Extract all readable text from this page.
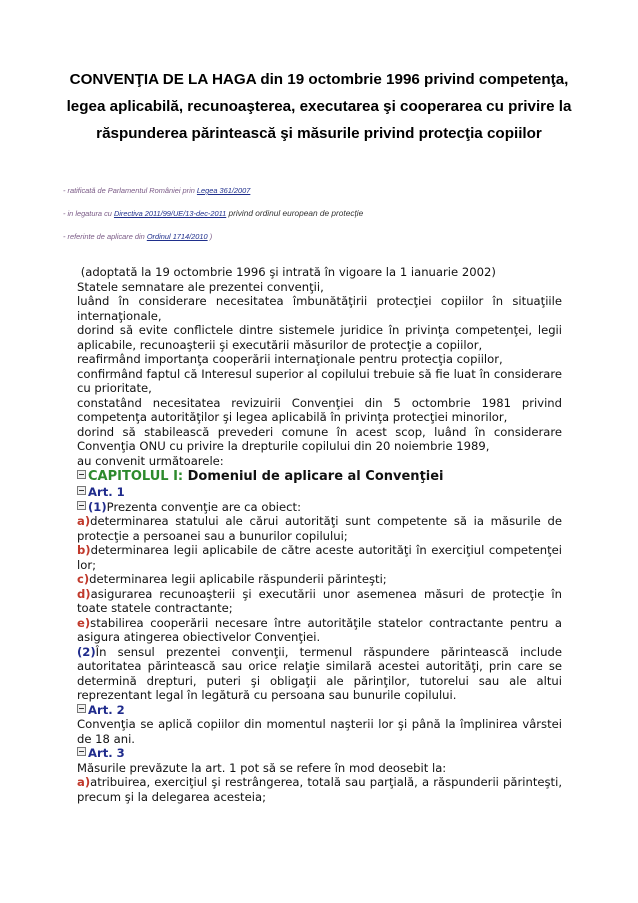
CONVENŢIA DE LA HAGA din 19 octombrie 1996 privind competenţa, legea aplicabilă, recunoaşterea, executarea şi cooperarea cu privire la răspunderea părintească şi măsurile privind protecţia copiilor
- ratificată de Parlamentul României prin Legea 361/2007
- in legatura cu Directiva 2011/99/UE/13-dec-2011 privind ordinul european de protecţie
- referinte de aplicare din Ordinul 1714/2010 )

(adoptată la 19 octombrie 1996 şi intrată în vigoare la 1 ianuarie 2002)

Statele semnatare ale prezentei convenţii,

luând în considerare necesitatea îmbunătăţirii protecţiei copiilor în situaţiile internaţionale,

dorind să evite conflictele dintre sistemele juridice în privinţa competenţei, legii aplicabile, recunoaşterii şi executării măsurilor de protecţie a copiilor,

reafirmând importanţa cooperării internaţionale pentru protecţia copiilor,

confirmând faptul că Interesul superior al copilului trebuie să fie luat în considerare cu prioritate,

constatând necesitatea revizuirii Convenţiei din 5 octombrie 1981 privind competenţa autorităţilor şi legea aplicabilă în privinţa protecţiei minorilor,

dorind să stabilească prevederi comune în acest scop, luând în considerare Convenţia ONU cu privire la drepturile copilului din 20 noiembrie 1989,

au convenit următoarele:

CAPITOLUL I: Domeniul de aplicare al Convenţiei

Art. 1

(1)Prezenta convenţie are ca obiect:

a)determinarea statului ale cărui autorităţi sunt competente să ia măsurile de protecţie a persoanei sau a bunurilor copilului;

b)determinarea legii aplicabile de către aceste autorităţi în exerciţiul competenţei lor;

c)determinarea legii aplicabile răspunderii părinteşti;

d)asigurarea recunoaşterii şi executării unor asemenea măsuri de protecţie în toate statele contractante;

e)stabilirea cooperării necesare între autorităţile statelor contractante pentru a asigura atingerea obiectivelor Convenţiei.

(2)În sensul prezentei convenţii, termenul răspundere părintească include autoritatea părintească sau orice relaţie similară acestei autorităţi, prin care se determină drepturi, puteri şi obligaţii ale părinţilor, tutorelui sau ale altui reprezentant legal în legătură cu persoana sau bunurile copilului.

Art. 2

Convenţia se aplică copiilor din momentul naşterii lor şi până la împlinirea vârstei de 18 ani.

Art. 3

Măsurile prevăzute la art. 1 pot să se refere în mod deosebit la:

a)atribuirea, exerciţiul şi restrângerea, totală sau parţială, a răspunderii părinteşti, precum şi la delegarea acesteia;
